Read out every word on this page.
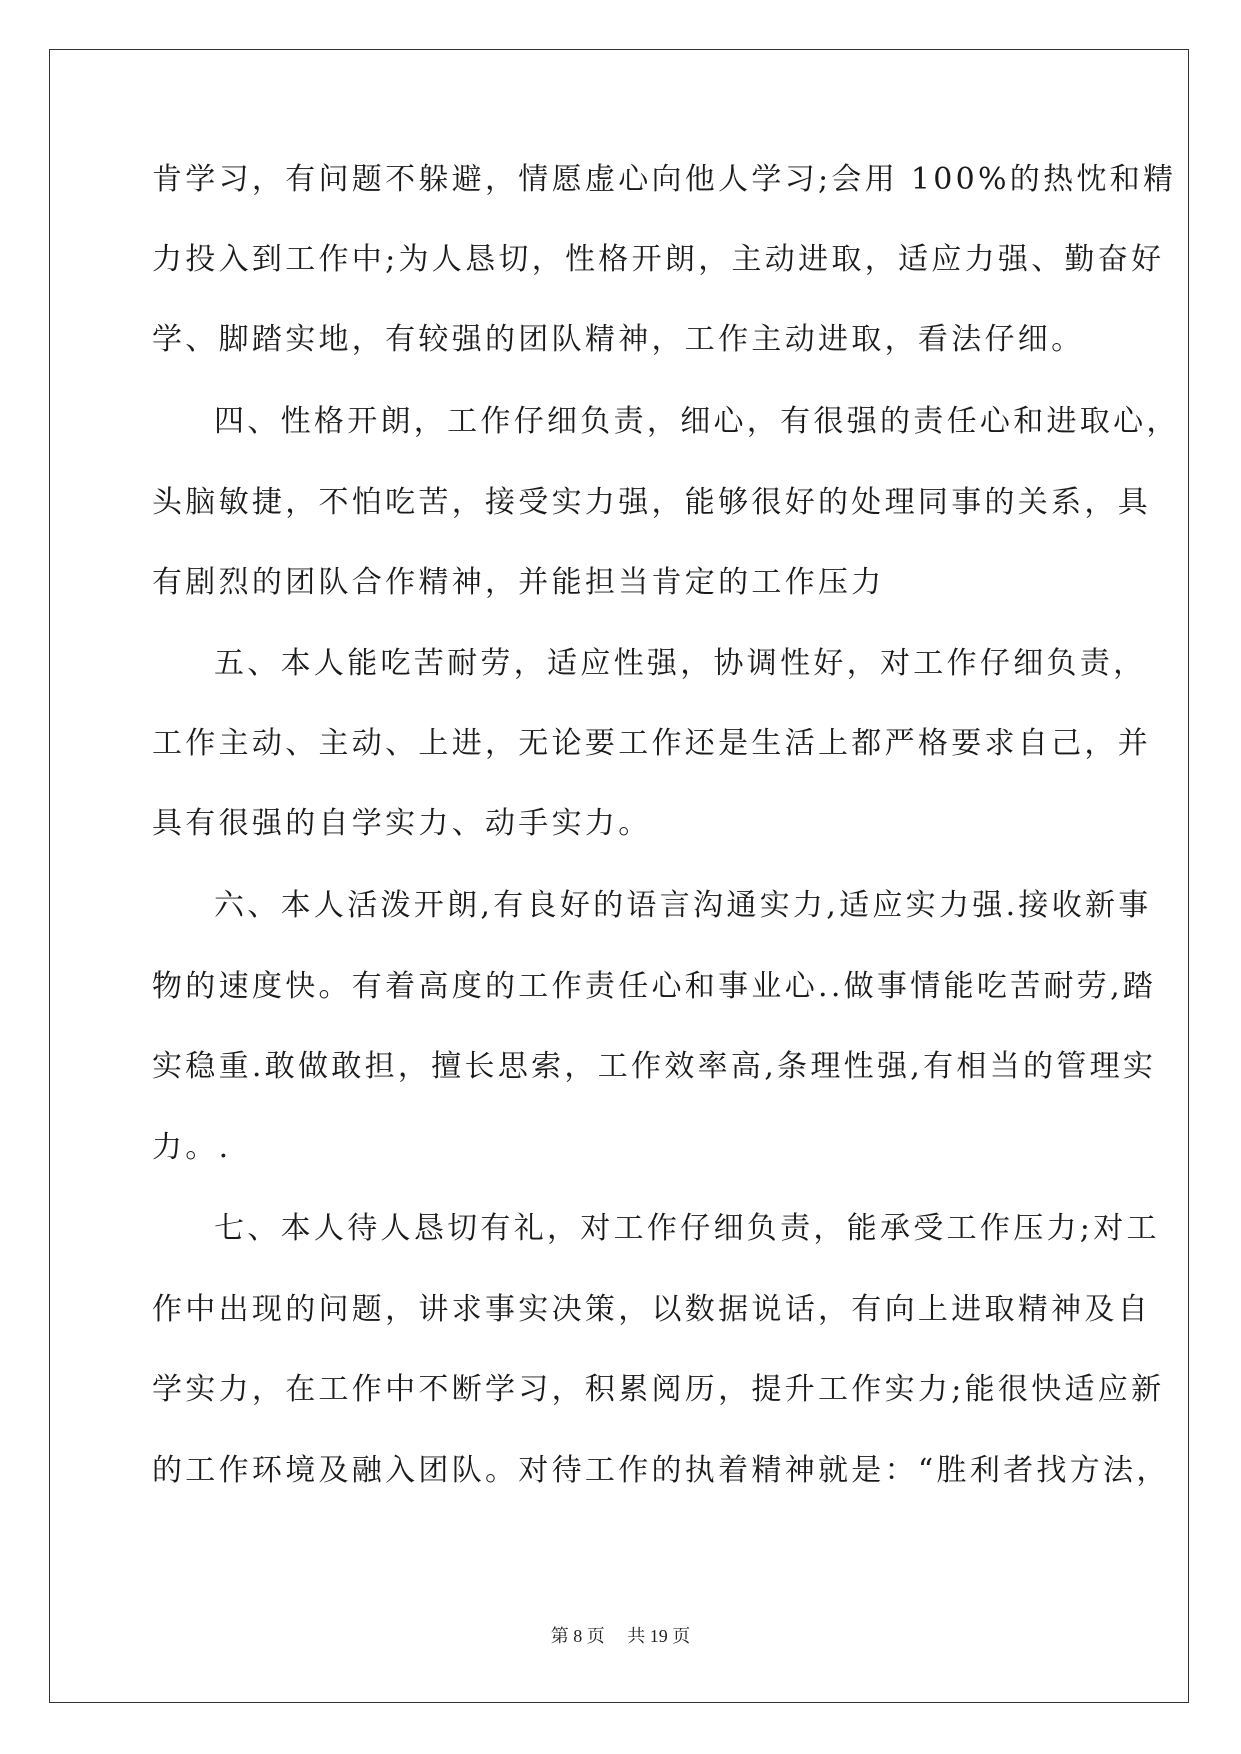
肯学习，有问题不躲避，情愿虚心向他人学习;会用 100%的热忱和精
力投入到工作中;为人恳切，性格开朗，主动进取，适应力强、勤奋好
学、脚踏实地，有较强的团队精神，工作主动进取，看法仔细。
四、性格开朗，工作仔细负责，细心，有很强的责任心和进取心，
头脑敏捷，不怕吃苦，接受实力强，能够很好的处理同事的关系，具
有剧烈的团队合作精神，并能担当肯定的工作压力
五、本人能吃苦耐劳，适应性强，协调性好，对工作仔细负责，
工作主动、主动、上进，无论要工作还是生活上都严格要求自己，并
具有很强的自学实力、动手实力。
六、本人活泼开朗,有良好的语言沟通实力,适应实力强.接收新事
物的速度快。有着高度的工作责任心和事业心..做事情能吃苦耐劳,踏
实稳重.敢做敢担，擅长思索，工作效率高,条理性强,有相当的管理实
力。.
七、本人待人恳切有礼，对工作仔细负责，能承受工作压力;对工
作中出现的问题，讲求事实决策，以数据说话，有向上进取精神及自
学实力，在工作中不断学习，积累阅历，提升工作实力;能很快适应新
的工作环境及融入团队。对待工作的执着精神就是：“胜利者找方法，
第 8 页 共 19 页
